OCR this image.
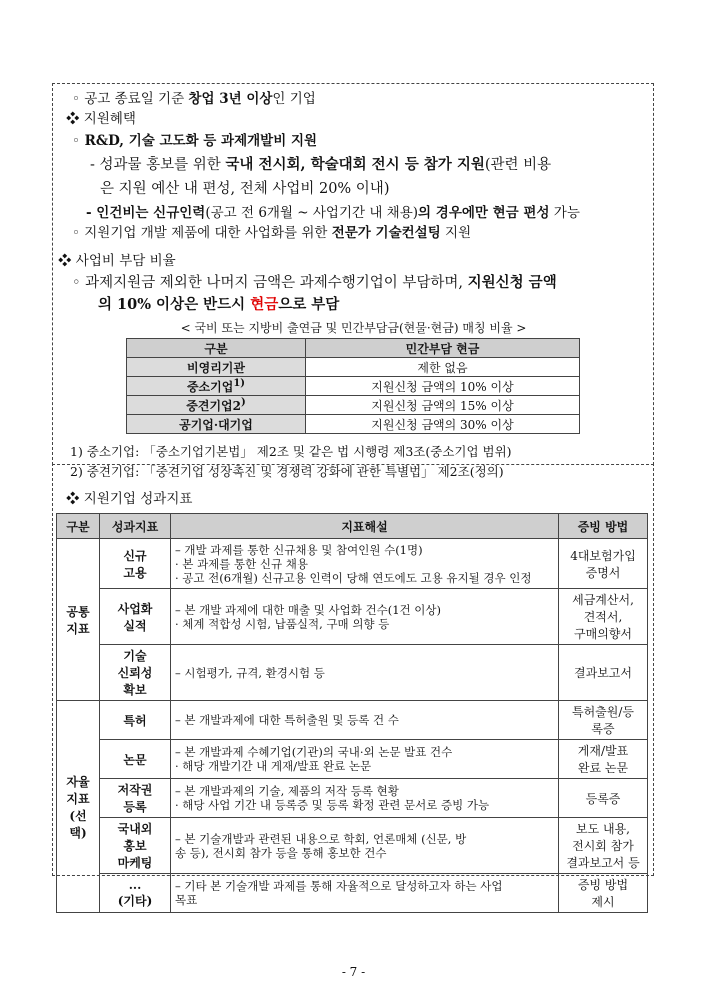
◦ 공고 종료일 기준 창업 3년 이상인 기업
❖ 지원혜택
◦ R&D, 기술 고도화 등 과제개발비 지원
- 성과물 홍보를 위한 국내 전시회, 학술대회 전시 등 참가 지원(관련 비용
은 지원 예산 내 편성, 전체 사업비 20% 이내)
- 인건비는 신규인력(공고 전 6개월 ~ 사업기간 내 채용)의 경우에만 현금 편성 가능
◦ 지원기업 개발 제품에 대한 사업화를 위한 전문가 기술컨설팅 지원
❖ 사업비 부담 비율
◦ 과제지원금 제외한 나머지 금액은 과제수행기업이 부담하며, 지원신청 금액
의 10% 이상은 반드시 현금으로 부담
< 국비 또는 지방비 출연금 및 민간부담금(현물·현금) 매칭 비율 >
구분	민간부담 현금
비영리기관	제한 없음
중소기업$^{1)}$	지원신청 금액의 10% 이상
중견기업2)	지원신청 금액의 15% 이상
공기업·대기업	지원신청 금액의 30% 이상
1) 중소기업: 「중소기업기본법」 제2조 및 같은 법 시행령 제3조(중소기업 범위)
2) 중견기업: 「중견기업 성장촉진 및 경쟁력 강화에 관한 특별법」 제2조(정의)
❖ 지원기업 성과지표
구분	성과지표	지표해설	증빙 방법
공통
지표	신규
고용	– 개발 과제를 통한 신규채용 및 참여인원 수(1명)
· 본 과제를 통한 신규 채용
· 공고 전(6개월) 신규고용 인력이 당해 연도에도 고용 유지될 경우 인정	4대보험가입
증명서
	사업화
실적	– 본 개발 과제에 대한 매출 및 사업화 건수(1건 이상)
· 체계 적합성 시험, 납품실적, 구매 의향 등	세금계산서,
견적서,
구매의향서
	기술
신뢰성
확보	– 시험평가, 규격, 환경시험 등	결과보고서
자율
지표
(선택)	특허	– 본 개발과제에 대한 특허출원 및 등록 건 수	특허출원/등
록증
	논문	– 본 개발과제 수혜기업(기관)의 국내·외 논문 발표 건수
· 해당 개발기간 내 게재/발표 완료 논문	게재/발표
완료 논문
	저작권
등록	– 본 개발과제의 기술, 제품의 저작 등록 현황
· 해당 사업 기간 내 등록증 및 등록 확정 관련 문서로 증빙 가능	등록증
	국내외
홍보
마케팅	– 본 기술개발과 관련된 내용으로 학회, 언론매체 (신문, 방
송 등), 전시회 참가 등을 통해 홍보한 건수	보도 내용,
전시회 참가
결과보고서 등
	...
(기타)	– 기타 본 기술개발 과제를 통해 자율적으로 달성하고자 하는 사업
목표	증빙 방법
제시
- 7 -
